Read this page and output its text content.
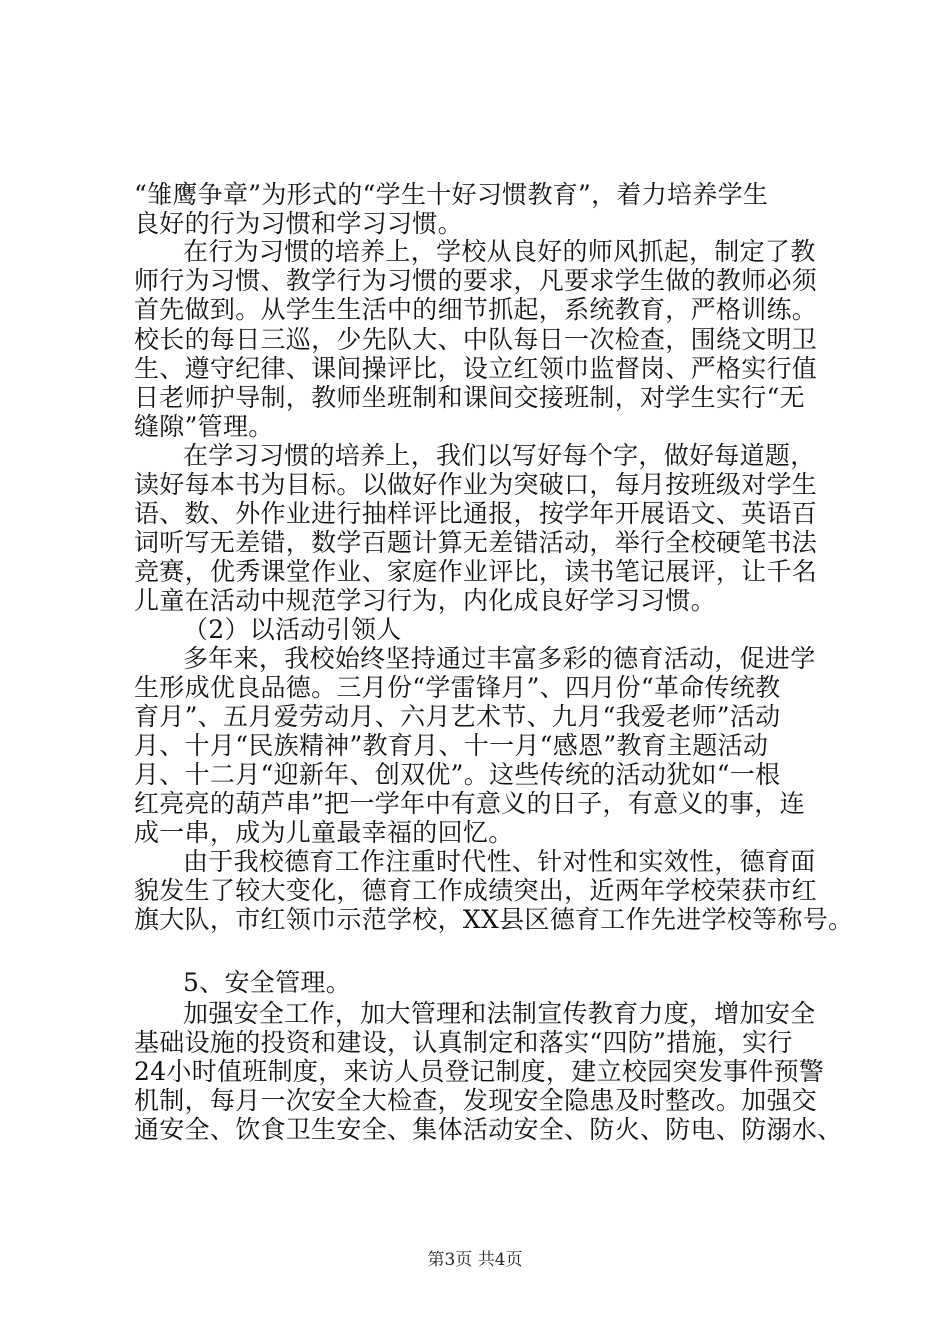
“雏鹰争章”为形式的“学生十好习惯教育”，着力培养学生
良好的行为习惯和学习习惯。
在行为习惯的培养上，学校从良好的师风抓起，制定了教
师行为习惯、教学行为习惯的要求，凡要求学生做的教师必须
首先做到。从学生生活中的细节抓起，系统教育，严格训练。
校长的每日三巡，少先队大、中队每日一次检查，围绕文明卫
生、遵守纪律、课间操评比，设立红领巾监督岗、严格实行值
日老师护导制，教师坐班制和课间交接班制，对学生实行“无
缝隙”管理。
在学习习惯的培养上，我们以写好每个字，做好每道题，
读好每本书为目标。以做好作业为突破口，每月按班级对学生
语、数、外作业进行抽样评比通报，按学年开展语文、英语百
词听写无差错，数学百题计算无差错活动，举行全校硬笔书法
竞赛，优秀课堂作业、家庭作业评比，读书笔记展评，让千名
儿童在活动中规范学习行为，内化成良好学习习惯。
（2）以活动引领人
多年来，我校始终坚持通过丰富多彩的德育活动，促进学
生形成优良品德。三月份“学雷锋月”、四月份“革命传统教
育月”、五月爱劳动月、六月艺术节、九月“我爱老师”活动
月、十月“民族精神”教育月、十一月“感恩”教育主题活动
月、十二月“迎新年、创双优”。这些传统的活动犹如“一根
红亮亮的葫芦串”把一学年中有意义的日子，有意义的事，连
成一串，成为儿童最幸福的回忆。
由于我校德育工作注重时代性、针对性和实效性，德育面
貌发生了较大变化，德育工作成绩突出，近两年学校荣获市红
旗大队，市红领巾示范学校，XX县区德育工作先进学校等称号。
5、安全管理。
加强安全工作，加大管理和法制宣传教育力度，增加安全
基础设施的投资和建设，认真制定和落实“四防”措施，实行
24小时值班制度，来访人员登记制度，建立校园突发事件预警
机制，每月一次安全大检查，发现安全隐患及时整改。加强交
通安全、饮食卫生安全、集体活动安全、防火、防电、防溺水、
第3页 共4页
